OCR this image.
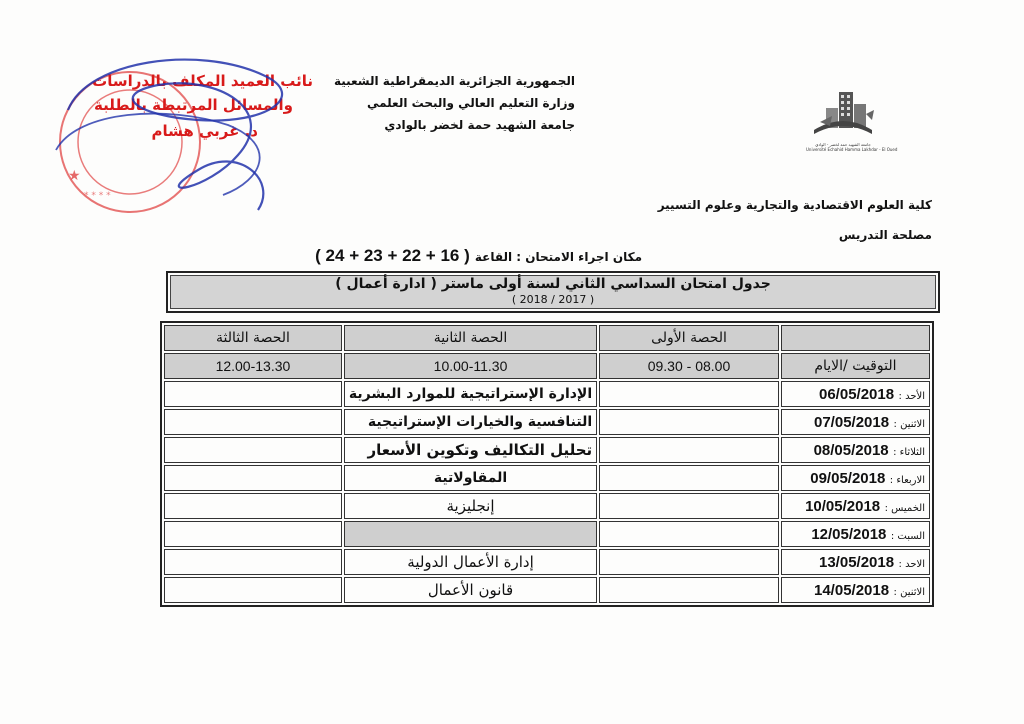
الجمهورية الجزائرية الديمقراطية الشعبية
وزارة التعليم العالي والبحث العلمي
جامعة الشهيد حمة لخضر بالوادي
جامعة الشهيد حمة لخضر - الوادي
Université Echahid Hamma Lakhdar - El Oued
★
* * * *
نائب العميد المكلف بالدراسات
والمسائل المرتبطة بالطلبة
د. غربي هشام
كلية العلوم الاقتصادية والتجارية وعلوم التسيير
مصلحة التدريس
مكان اجراء الامتحان : القاعة ( 16 + 22 + 23 + 24 )
جدول امتحان السداسي الثاني لسنة أولى ماستر ( ادارة أعمال )
( 2017 / 2018 )
	الحصة الأولى	الحصة الثانية	الحصة الثالثة
التوقيت /الايام	08.00 - 09.30	10.00-11.30	12.00-13.30
الأحد : 06/05/2018		الإدارة الإستراتيجية للموارد البشرية	
الاثنين : 07/05/2018		التنافسية والخيارات الإستراتيجية	
الثلاثاء : 08/05/2018		تحليل التكاليف وتكوين الأسعار	
الاربعاء : 09/05/2018		المقاولاتية	
الخميس : 10/05/2018		إنجليزية	
السبت : 12/05/2018			
الاحد : 13/05/2018		إدارة الأعمال الدولية	
الاثنين : 14/05/2018		قانون الأعمال	
